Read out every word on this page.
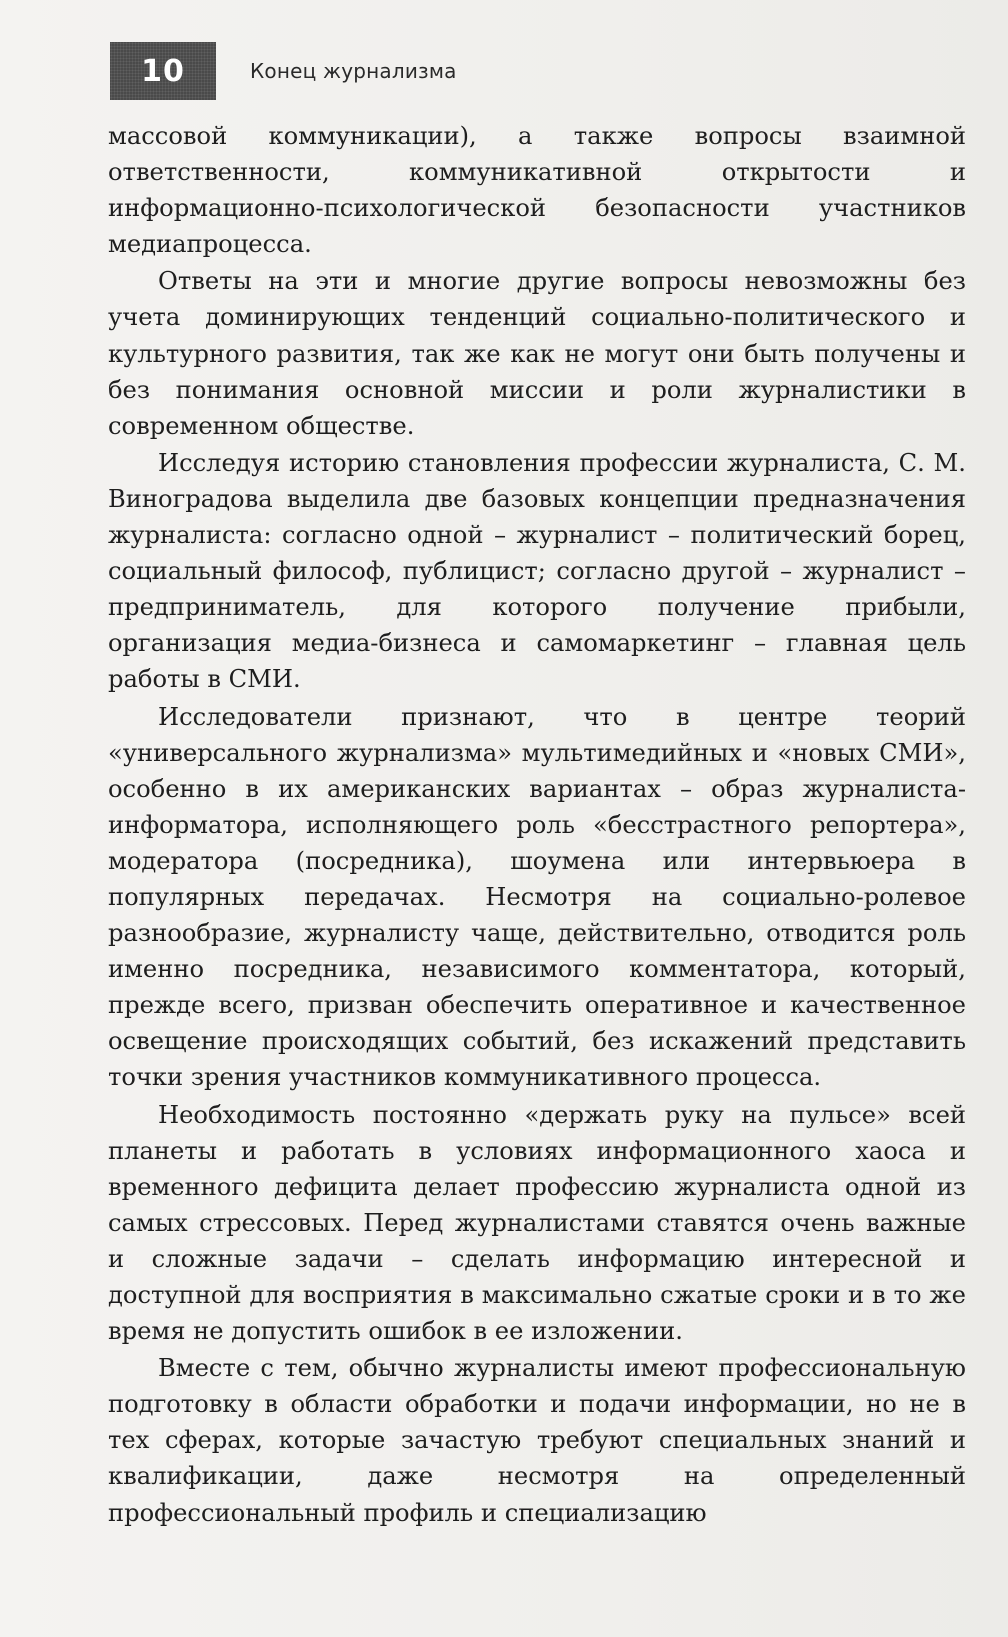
10	Конец журнализма

массовой коммуникации), а также вопросы взаимной ответственности, коммуникативной открытости и информационно-психологической безопасности участников медиапроцесса.

Ответы на эти и многие другие вопросы невозможны без учета доминирующих тенденций социально-политического и культурного развития, так же как не могут они быть получены и без понимания основной миссии и роли журналистики в современном обществе.

Исследуя историю становления профессии журналиста, С. М. Виноградова выделила две базовых концепции предназначения журналиста: согласно одной – журналист – политический борец, социальный философ, публицист; согласно другой – журналист – предприниматель, для которого получение прибыли, организация медиа-бизнеса и самомаркетинг – главная цель работы в СМИ.

Исследователи признают, что в центре теорий «универсального журнализма» мультимедийных и «новых СМИ», особенно в их американских вариантах – образ журналиста-информатора, исполняющего роль «бесстрастного репортера», модератора (посредника), шоумена или интервьюера в популярных передачах. Несмотря на социально-ролевое разнообразие, журналисту чаще, действительно, отводится роль именно посредника, независимого комментатора, который, прежде всего, призван обеспечить оперативное и качественное освещение происходящих событий, без искажений представить точки зрения участников коммуникативного процесса.

Необходимость постоянно «держать руку на пульсе» всей планеты и работать в условиях информационного хаоса и временного дефицита делает профессию журналиста одной из самых стрессовых. Перед журналистами ставятся очень важные и сложные задачи – сделать информацию интересной и доступной для восприятия в максимально сжатые сроки и в то же время не допустить ошибок в ее изложении.

Вместе с тем, обычно журналисты имеют профессиональную подготовку в области обработки и подачи информации, но не в тех сферах, которые зачастую требуют специальных знаний и квалификации, даже несмотря на определенный профессиональный профиль и специализацию
